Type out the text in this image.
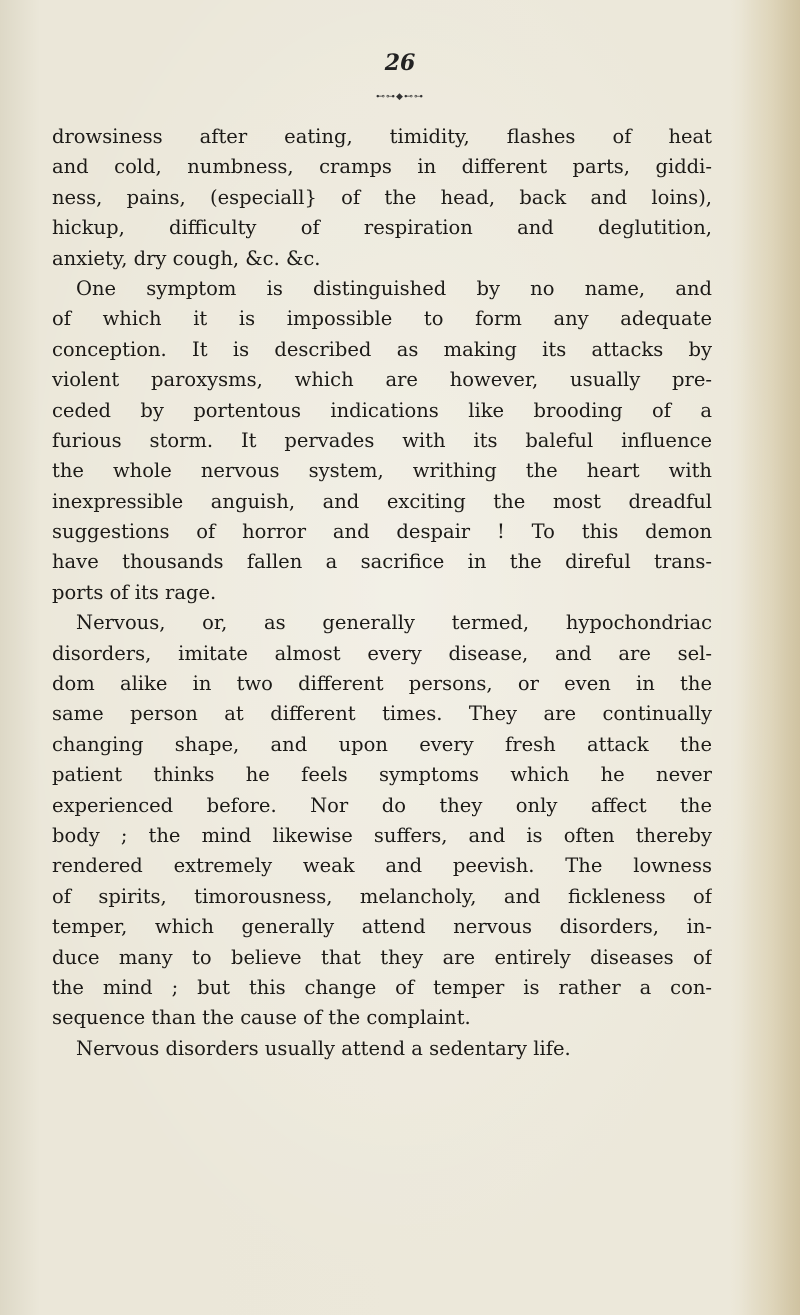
26
⊷⊶◆⊷⊶
drowsiness after eating, timidity, flashes of heat
and cold, numbness, cramps in different parts, giddi-
ness, pains, (especiall} of the head, back and loins),
hickup, difficulty of respiration and deglutition,
anxiety, dry cough, &c. &c.
One symptom is distinguished by no name, and
of which it is impossible to form any adequate
conception. It is described as making its attacks by
violent paroxysms, which are however, usually pre-
ceded by portentous indications like brooding of a
furious storm. It pervades with its baleful influence
the whole nervous system, writhing the heart with
inexpressible anguish, and exciting the most dreadful
suggestions of horror and despair ! To this demon
have thousands fallen a sacrifice in the direful trans-
ports of its rage.
Nervous, or, as generally termed, hypochondriac
disorders, imitate almost every disease, and are sel-
dom alike in two different persons, or even in the
same person at different times. They are continually
changing shape, and upon every fresh attack the
patient thinks he feels symptoms which he never
experienced before. Nor do they only affect the
body ; the mind likewise suffers, and is often thereby
rendered extremely weak and peevish. The lowness
of spirits, timorousness, melancholy, and fickleness of
temper, which generally attend nervous disorders, in-
duce many to believe that they are entirely diseases of
the mind ; but this change of temper is rather a con-
sequence than the cause of the complaint.
Nervous disorders usually attend a sedentary life.
